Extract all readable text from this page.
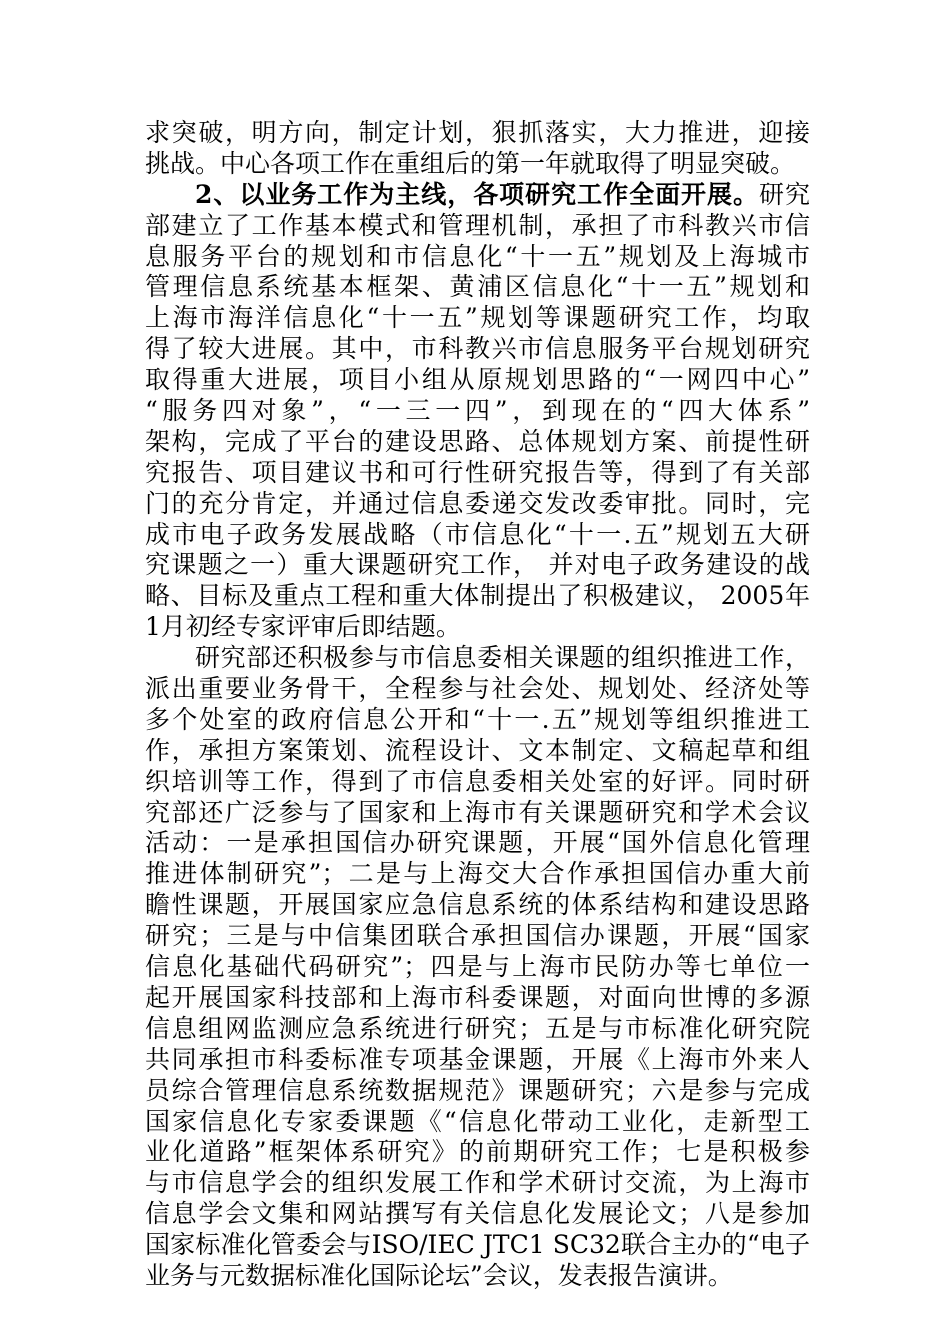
求突破，明方向，制定计划，狠抓落实，大力推进，迎接
挑战。中心各项工作在重组后的第一年就取得了明显突破。
2、以业务工作为主线，各项研究工作全面开展。研究
部建立了工作基本模式和管理机制，承担了市科教兴市信
息服务平台的规划和市信息化“十一五”规划及上海城市
管理信息系统基本框架、黄浦区信息化“十一五”规划和
上海市海洋信息化“十一五”规划等课题研究工作，均取
得了较大进展。其中，市科教兴市信息服务平台规划研究
取得重大进展，项目小组从原规划思路的“一网四中心”
“服务四对象”，“一三一四”，到现在的“四大体系”
架构，完成了平台的建设思路、总体规划方案、前提性研
究报告、项目建议书和可行性研究报告等，得到了有关部
门的充分肯定，并通过信息委递交发改委审批。同时，完
成市电子政务发展战略（市信息化“十一.五”规划五大研
究课题之一）重大课题研究工作， 并对电子政务建设的战
略、目标及重点工程和重大体制提出了积极建议， 2005年
1月初经专家评审后即结题。
研究部还积极参与市信息委相关课题的组织推进工作，
派出重要业务骨干，全程参与社会处、规划处、经济处等
多个处室的政府信息公开和“十一.五”规划等组织推进工
作，承担方案策划、流程设计、文本制定、文稿起草和组
织培训等工作，得到了市信息委相关处室的好评。同时研
究部还广泛参与了国家和上海市有关课题研究和学术会议
活动：一是承担国信办研究课题，开展“国外信息化管理
推进体制研究”；二是与上海交大合作承担国信办重大前
瞻性课题，开展国家应急信息系统的体系结构和建设思路
研究；三是与中信集团联合承担国信办课题，开展“国家
信息化基础代码研究”；四是与上海市民防办等七单位一
起开展国家科技部和上海市科委课题，对面向世博的多源
信息组网监测应急系统进行研究；五是与市标准化研究院
共同承担市科委标准专项基金课题，开展《上海市外来人
员综合管理信息系统数据规范》课题研究；六是参与完成
国家信息化专家委课题《“信息化带动工业化，走新型工
业化道路”框架体系研究》的前期研究工作；七是积极参
与市信息学会的组织发展工作和学术研讨交流，为上海市
信息学会文集和网站撰写有关信息化发展论文；八是参加
国家标准化管委会与ISO/IEC JTC1 SC32联合主办的“电子
业务与元数据标准化国际论坛”会议，发表报告演讲。
